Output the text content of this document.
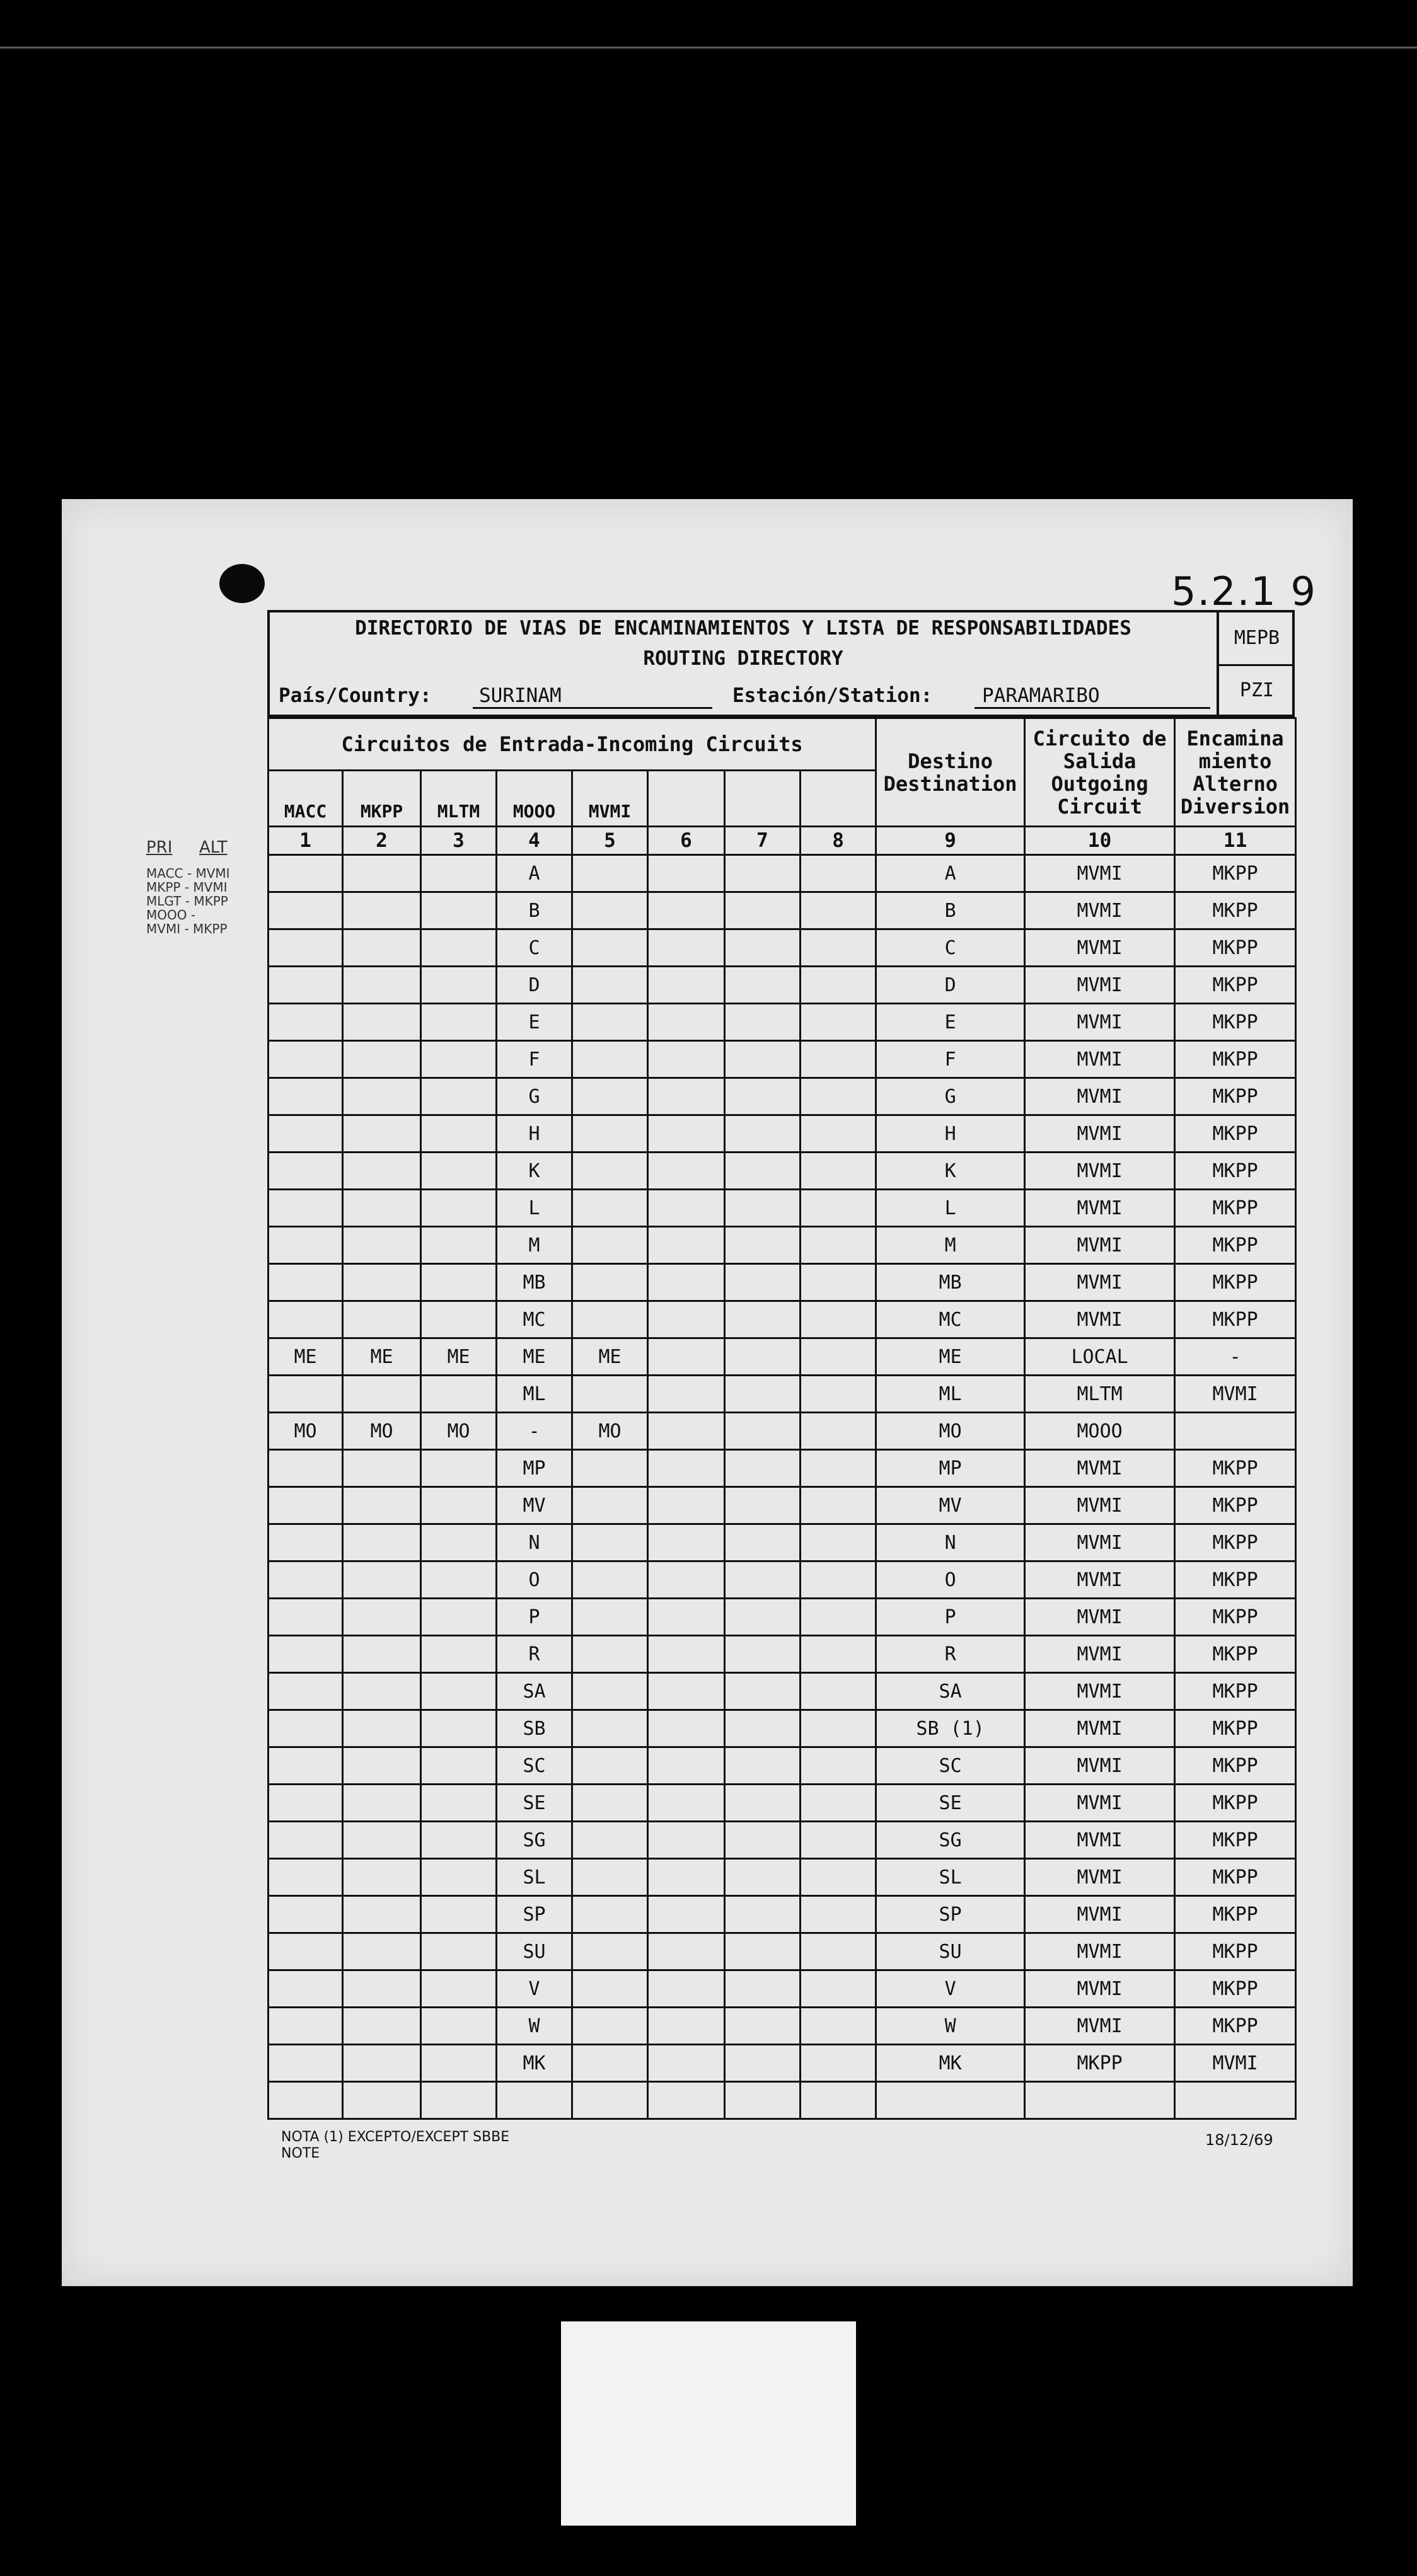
5.2.1 9
DIRECTORIO DE VIAS DE ENCAMINAMIENTOS Y LISTA DE RESPONSABILIDADES
ROUTING DIRECTORY
País/Country:	SURINAM	Estación/Station:	PARAMARIBO
MEPB
PZI
Circuitos de Entrada-Incoming Circuits								Destino Destination	Circuito de Salida Outgoing Circuit	Encamina miento Alterno Diversion
MACC	MKPP	MLTM	MOOO	MVMI						
1	2	3	4	5	6	7	8	9	10	11
			A					A	MVMI	MKPP
			B					B	MVMI	MKPP
			C					C	MVMI	MKPP
			D					D	MVMI	MKPP
			E					E	MVMI	MKPP
			F					F	MVMI	MKPP
			G					G	MVMI	MKPP
			H					H	MVMI	MKPP
			K					K	MVMI	MKPP
			L					L	MVMI	MKPP
			M					M	MVMI	MKPP
			MB					MB	MVMI	MKPP
			MC					MC	MVMI	MKPP
ME	ME	ME	ME	ME				ME	LOCAL	-
			ML					ML	MLTM	MVMI
MO	MO	MO	-	MO				MO	MOOO	
			MP					MP	MVMI	MKPP
			MV					MV	MVMI	MKPP
			N					N	MVMI	MKPP
			O					O	MVMI	MKPP
			P					P	MVMI	MKPP
			R					R	MVMI	MKPP
			SA					SA	MVMI	MKPP
			SB					SB (1)	MVMI	MKPP
			SC					SC	MVMI	MKPP
			SE					SE	MVMI	MKPP
			SG					SG	MVMI	MKPP
			SL					SL	MVMI	MKPP
			SP					SP	MVMI	MKPP
			SU					SU	MVMI	MKPP
			V					V	MVMI	MKPP
			W					W	MVMI	MKPP
			MK					MK	MKPP	MVMI

PRI ALT
MACC - MVMI
MKPP - MVMI
MLGT - MKPP
MOOO -
MVMI - MKPP
NOTA (1) EXCEPTO/EXCEPT SBBE
NOTE
18/12/69
